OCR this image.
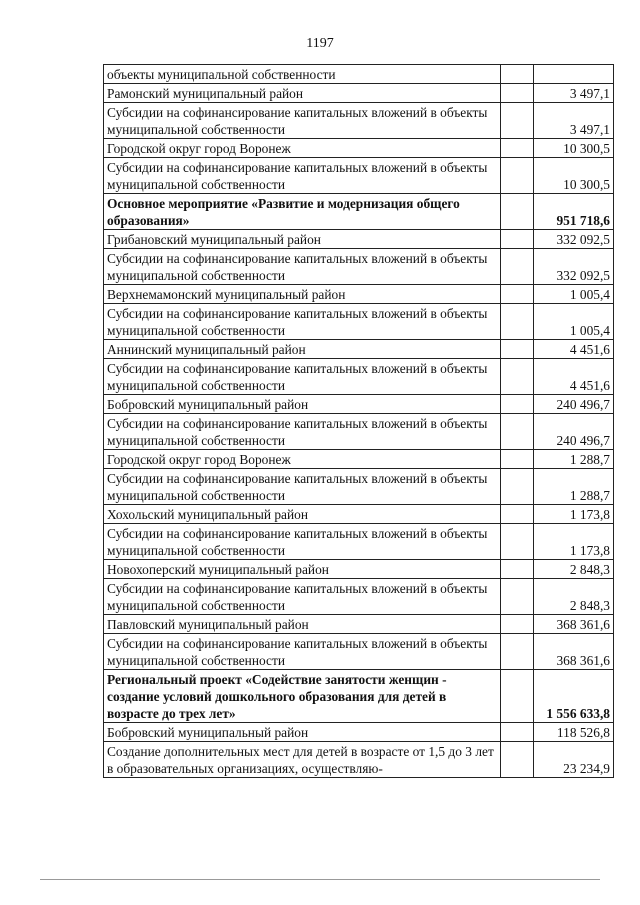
1197
объекты муниципальной собственности		
Рамонский муниципальный район		3 497,1
Субсидии на софинансирование капитальных вложений в объекты муниципальной собственности		3 497,1
Городской округ город Воронеж		10 300,5
Субсидии на софинансирование капитальных вложений в объекты муниципальной собственности		10 300,5
Основное мероприятие «Развитие и модернизация общего образования»		951 718,6
Грибановский муниципальный район		332 092,5
Субсидии на софинансирование капитальных вложений в объекты муниципальной собственности		332 092,5
Верхнемамонский муниципальный район		1 005,4
Субсидии на софинансирование капитальных вложений в объекты муниципальной собственности		1 005,4
Аннинский муниципальный район		4 451,6
Субсидии на софинансирование капитальных вложений в объекты муниципальной собственности		4 451,6
Бобровский муниципальный район		240 496,7
Субсидии на софинансирование капитальных вложений в объекты муниципальной собственности		240 496,7
Городской округ город Воронеж		1 288,7
Субсидии на софинансирование капитальных вложений в объекты муниципальной собственности		1 288,7
Хохольский муниципальный район		1 173,8
Субсидии на софинансирование капитальных вложений в объекты муниципальной собственности		1 173,8
Новохоперский муниципальный район		2 848,3
Субсидии на софинансирование капитальных вложений в объекты муниципальной собственности		2 848,3
Павловский муниципальный район		368 361,6
Субсидии на софинансирование капитальных вложений в объекты муниципальной собственности		368 361,6
Региональный проект «Содействие занятости женщин - создание условий дошкольного образования для детей в возрасте до трех лет»		1 556 633,8
Бобровский муниципальный район		118 526,8
Создание дополнительных мест для детей в возрасте от 1,5 до 3 лет в образовательных организациях, осуществляю-		23 234,9
